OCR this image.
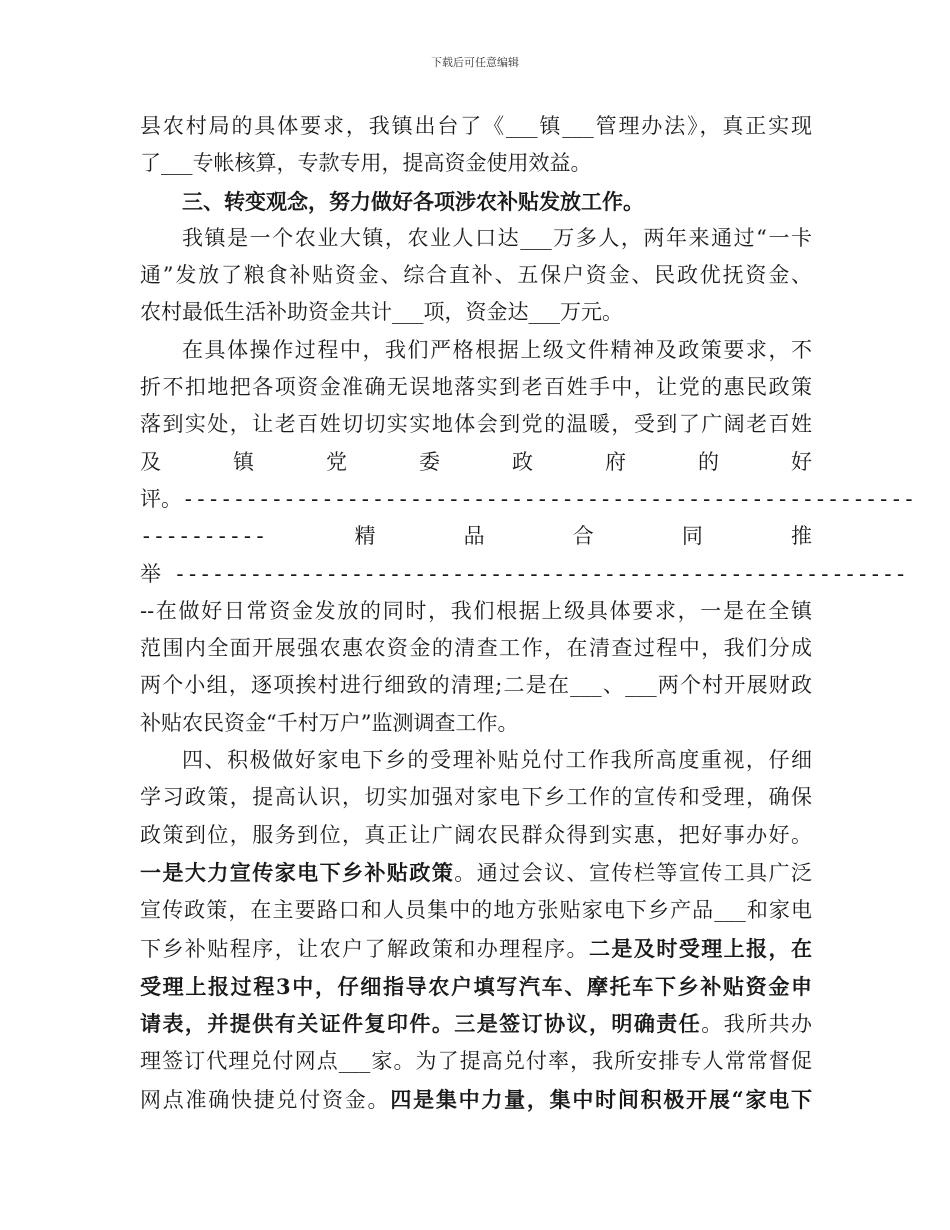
下载后可任意编辑

县农村局的具体要求，我镇出台了《___镇___管理办法》，真正实现

了___专帐核算，专款专用，提高资金使用效益。

三、转变观念，努力做好各项涉农补贴发放工作。

我镇是一个农业大镇，农业人口达___万多人，两年来通过“一卡

通”发放了粮食补贴资金、综合直补、五保户资金、民政优抚资金、

农村最低生活补助资金共计___项，资金达___万元。

在具体操作过程中，我们严格根据上级文件精神及政策要求，不

折不扣地把各项资金准确无误地落实到老百姓手中，让党的惠民政策

落到实处，让老百姓切切实实地体会到党的温暖，受到了广阔老百姓

及	镇	党	委	政	府	的	好

评。----------------------------------------------------------

----------	精	品	合	同	推

举 ----------------------------------------------------------

--在做好日常资金发放的同时，我们根据上级具体要求，一是在全镇

范围内全面开展强农惠农资金的清查工作，在清查过程中，我们分成

两个小组，逐项挨村进行细致的清理;二是在___、___两个村开展财政

补贴农民资金“千村万户”监测调查工作。

四、积极做好家电下乡的受理补贴兑付工作我所高度重视，仔细

学习政策，提高认识，切实加强对家电下乡工作的宣传和受理，确保

政策到位，服务到位，真正让广阔农民群众得到实惠，把好事办好。

一是大力宣传家电下乡补贴政策。通过会议、宣传栏等宣传工具广泛

宣传政策，在主要路口和人员集中的地方张贴家电下乡产品___和家电

下乡补贴程序，让农户了解政策和办理程序。二是及时受理上报，在

受理上报过程3中，仔细指导农户填写汽车、摩托车下乡补贴资金申

请表，并提供有关证件复印件。三是签订协议，明确责任。我所共办

理签订代理兑付网点___家。为了提高兑付率，我所安排专人常常督促

网点准确快捷兑付资金。四是集中力量，集中时间积极开展“家电下
